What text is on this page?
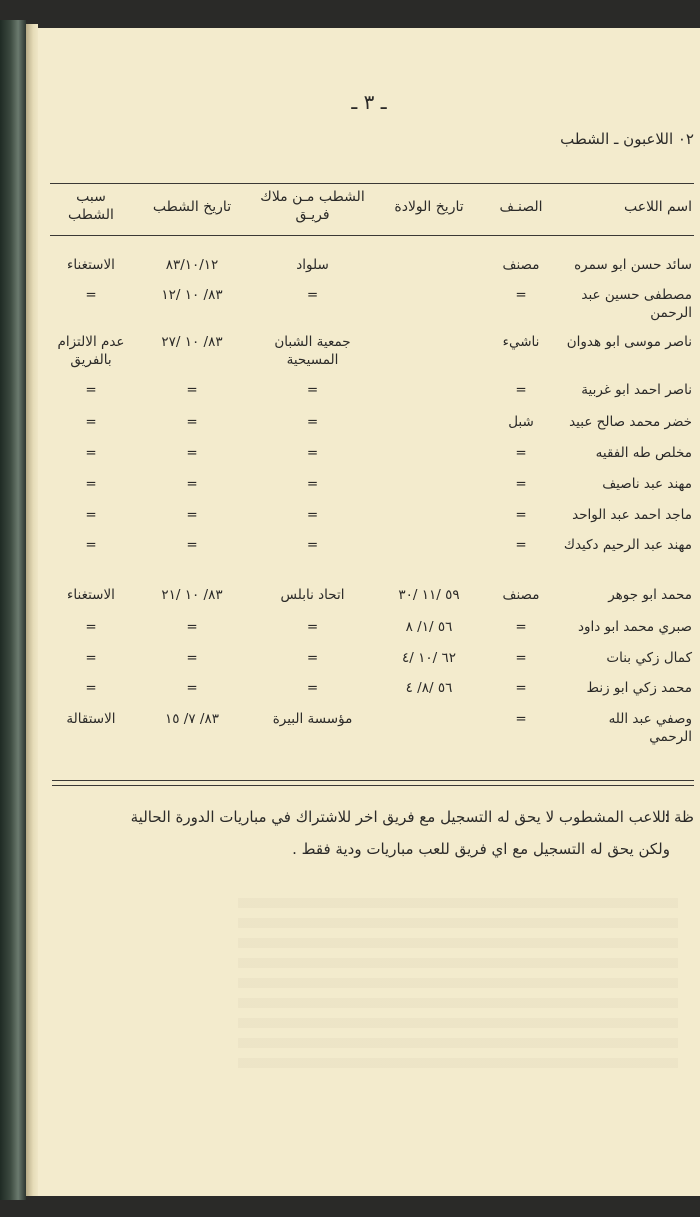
ـ ٣ ـ
٠٢ اللاعبون ـ الشطب
اسم اللاعب
الصنـف
تاريخ الولادة
الشطب مـن ملاك فريـق
تاريخ الشطب
سبب الشطب
سائد حسن ابو سمره
مصنف
سلواد
٨٣/١٠/١٢
الاستغناء
مصطفى حسين عبد الرحمن
=
=
٨٣/ ١٠ /١٢
=
ناصر موسى ابو هدوان
ناشيء
جمعية الشبان المسيحية
٨٣/ ١٠ /٢٧
عدم الالتزام بالفريق
ناصر احمد ابو غربية
=
=
=
=
خضر محمد صالح عبيد
شبل
=
=
=
مخلص طه الفقيه
=
=
=
=
مهند عبد ناصيف
=
=
=
=
ماجد احمد عبد الواحد
=
=
=
=
مهند عبد الرحيم دكيدك
=
=
=
=
محمد ابو جوهر
مصنف
٥٩ /١١ /٣٠
اتحاد نابلس
٨٣/ ١٠ /٢١
الاستغناء
صبري محمد ابو داود
=
٥٦ /١/ ٨
=
=
=
كمال زكي بنات
=
٦٢ /١٠ /٤
=
=
=
محمد زكي ابو زنط
=
٥٦ /٨/ ٤
=
=
=
وصفي عبد الله الرحمي
=
مؤسسة البيرة
٨٣/ ٧/ ١٥
الاستقالة
ظة :
اللاعب المشطوب لا يحق له التسجيل مع فريق اخر للاشتراك في مباريات الدورة الحالية
ولكن يحق له التسجيل مع اي فريق للعب مباريات ودية فقط .
